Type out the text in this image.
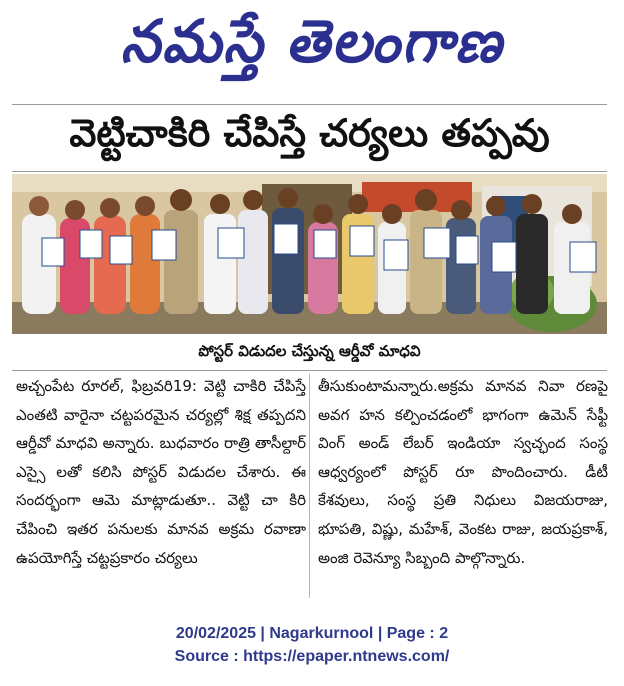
నమస్తే తెలంగాణ
వెట్టిచాకిరి చేపిస్తే చర్యలు తప్పవు
పోస్టర్ విడుదల చేస్తున్న ఆర్డీవో మాధవి

అచ్చంపేట రూరల్, ఫిబ్రవరి19: వెట్టి చాకిరి చేపిస్తే ఎంతటి వారైనా చట్టపరమైన చర్యల్లో శిక్ష తప్పదని ఆర్డీవో మాధవి అన్నారు. బుధవారం రాత్రి తాసీల్దార్ ఎస్సై లతో కలిసి పోస్టర్ విడుదల చేశారు. ఈ సందర్భంగా ఆమె మాట్లాడుతూ.. వెట్టి చా కిరి చేపించి ఇతర పనులకు మానవ అక్రమ రవాణా ఉపయోగిస్తే చట్టప్రకారం చర్యలు

తీసుకుంటామన్నారు.అక్రమ మానవ నివా రణపై అవగ హన కల్పించడంలో భాగంగా ఉమెన్ సేఫ్టీ వింగ్ అండ్ లేబర్ ఇండియా స్వచ్ఛంద సంస్థ ఆధ్వర్యంలో పోస్టర్ రూ పొందించారు. డీటీ కేశవులు, సంస్థ ప్రతి నిధులు విజయరాజు, భూపతి, విష్ణు, మహేశ్, వెంకట రాజు, జయప్రకాశ్, అంజి రెవెన్యూ సిబ్బంది పాల్గొన్నారు.

20/02/2025 | Nagarkurnool | Page : 2
Source : https://epaper.ntnews.com/
